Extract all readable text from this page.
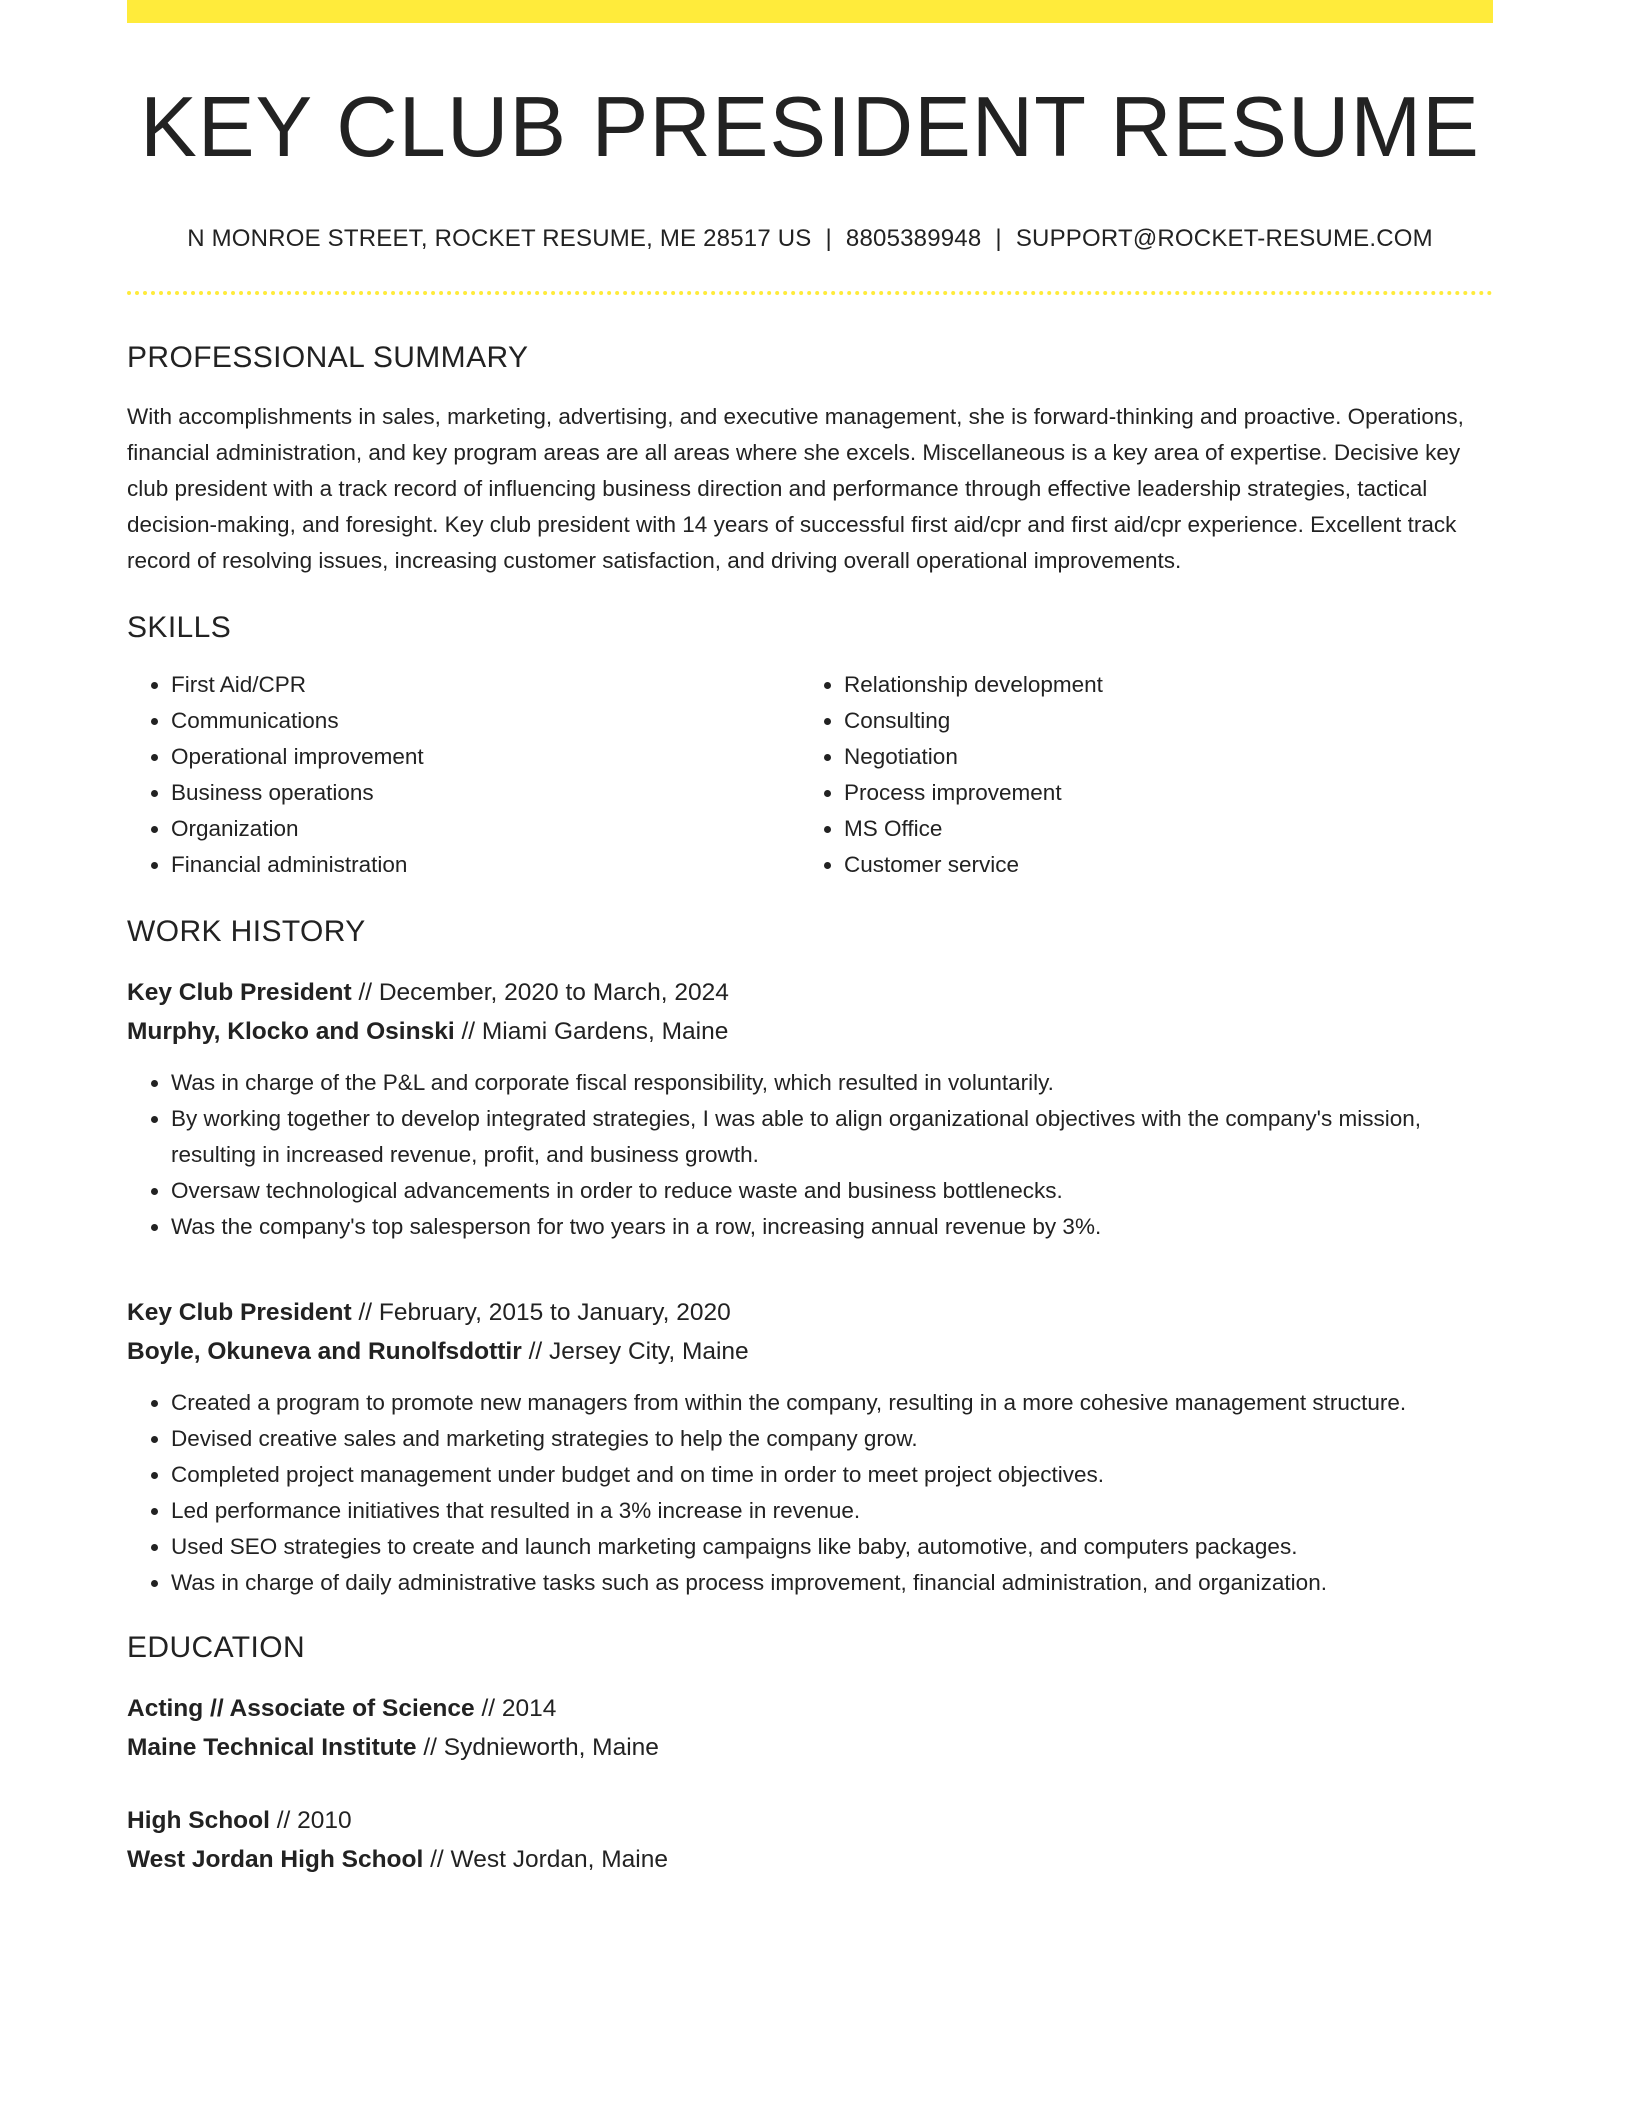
KEY CLUB PRESIDENT RESUME
N MONROE STREET, ROCKET RESUME, ME 28517 US | 8805389948 | SUPPORT@ROCKET-RESUME.COM
PROFESSIONAL SUMMARY
With accomplishments in sales, marketing, advertising, and executive management, she is forward-thinking and proactive. Operations, financial administration, and key program areas are all areas where she excels. Miscellaneous is a key area of expertise. Decisive key club president with a track record of influencing business direction and performance through effective leadership strategies, tactical decision-making, and foresight. Key club president with 14 years of successful first aid/cpr and first aid/cpr experience. Excellent track record of resolving issues, increasing customer satisfaction, and driving overall operational improvements.
SKILLS
• First Aid/CPR
• Communications
• Operational improvement
• Business operations
• Organization
• Financial administration
• Relationship development
• Consulting
• Negotiation
• Process improvement
• MS Office
• Customer service
WORK HISTORY
Key Club President // December, 2020 to March, 2024
Murphy, Klocko and Osinski // Miami Gardens, Maine
• Was in charge of the P&L and corporate fiscal responsibility, which resulted in voluntarily.
• By working together to develop integrated strategies, I was able to align organizational objectives with the company's mission, resulting in increased revenue, profit, and business growth.
• Oversaw technological advancements in order to reduce waste and business bottlenecks.
• Was the company's top salesperson for two years in a row, increasing annual revenue by 3%.
Key Club President // February, 2015 to January, 2020
Boyle, Okuneva and Runolfsdottir // Jersey City, Maine
• Created a program to promote new managers from within the company, resulting in a more cohesive management structure.
• Devised creative sales and marketing strategies to help the company grow.
• Completed project management under budget and on time in order to meet project objectives.
• Led performance initiatives that resulted in a 3% increase in revenue.
• Used SEO strategies to create and launch marketing campaigns like baby, automotive, and computers packages.
• Was in charge of daily administrative tasks such as process improvement, financial administration, and organization.
EDUCATION
Acting // Associate of Science // 2014
Maine Technical Institute // Sydnieworth, Maine
High School // 2010
West Jordan High School // West Jordan, Maine
